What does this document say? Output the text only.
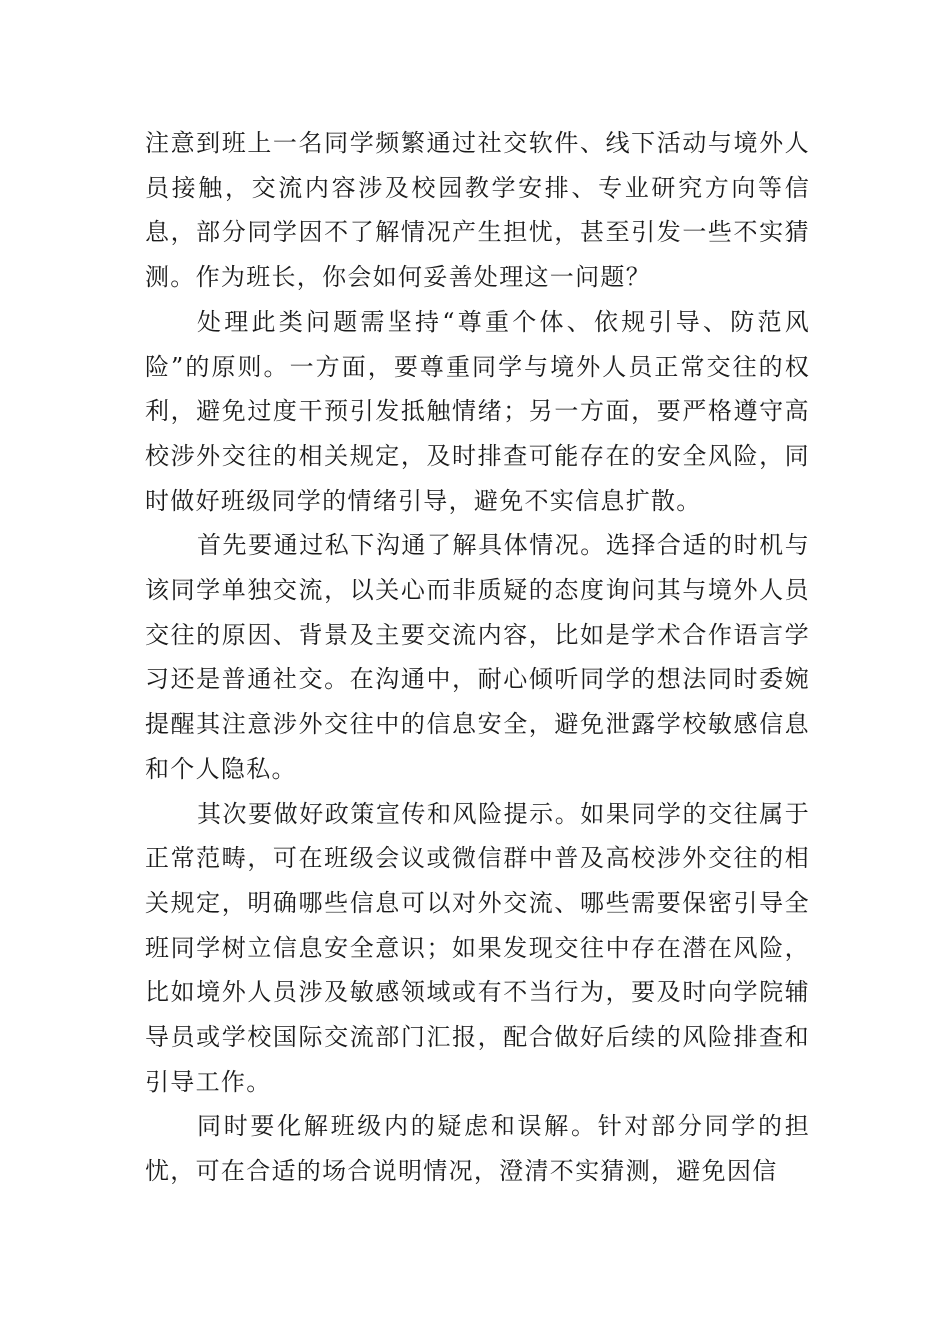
注意到班上一名同学频繁通过社交软件、线下活动与境外人员接触，交流内容涉及校园教学安排、专业研究方向等信息，部分同学因不了解情况产生担忧，甚至引发一些不实猜测。作为班长，你会如何妥善处理这一问题？

处理此类问题需坚持“尊重个体、依规引导、防范风险”的原则。一方面，要尊重同学与境外人员正常交往的权利，避免过度干预引发抵触情绪；另一方面，要严格遵守高校涉外交往的相关规定，及时排查可能存在的安全风险，同时做好班级同学的情绪引导，避免不实信息扩散。

首先要通过私下沟通了解具体情况。选择合适的时机与该同学单独交流，以关心而非质疑的态度询问其与境外人员交往的原因、背景及主要交流内容，比如是学术合作语言学习还是普通社交。在沟通中，耐心倾听同学的想法同时委婉提醒其注意涉外交往中的信息安全，避免泄露学校敏感信息和个人隐私。

其次要做好政策宣传和风险提示。如果同学的交往属于正常范畴，可在班级会议或微信群中普及高校涉外交往的相关规定，明确哪些信息可以对外交流、哪些需要保密引导全班同学树立信息安全意识；如果发现交往中存在潜在风险，比如境外人员涉及敏感领域或有不当行为，要及时向学院辅导员或学校国际交流部门汇报，配合做好后续的风险排查和引导工作。

同时要化解班级内的疑虑和误解。针对部分同学的担忧，可在合适的场合说明情况，澄清不实猜测，避免因信
